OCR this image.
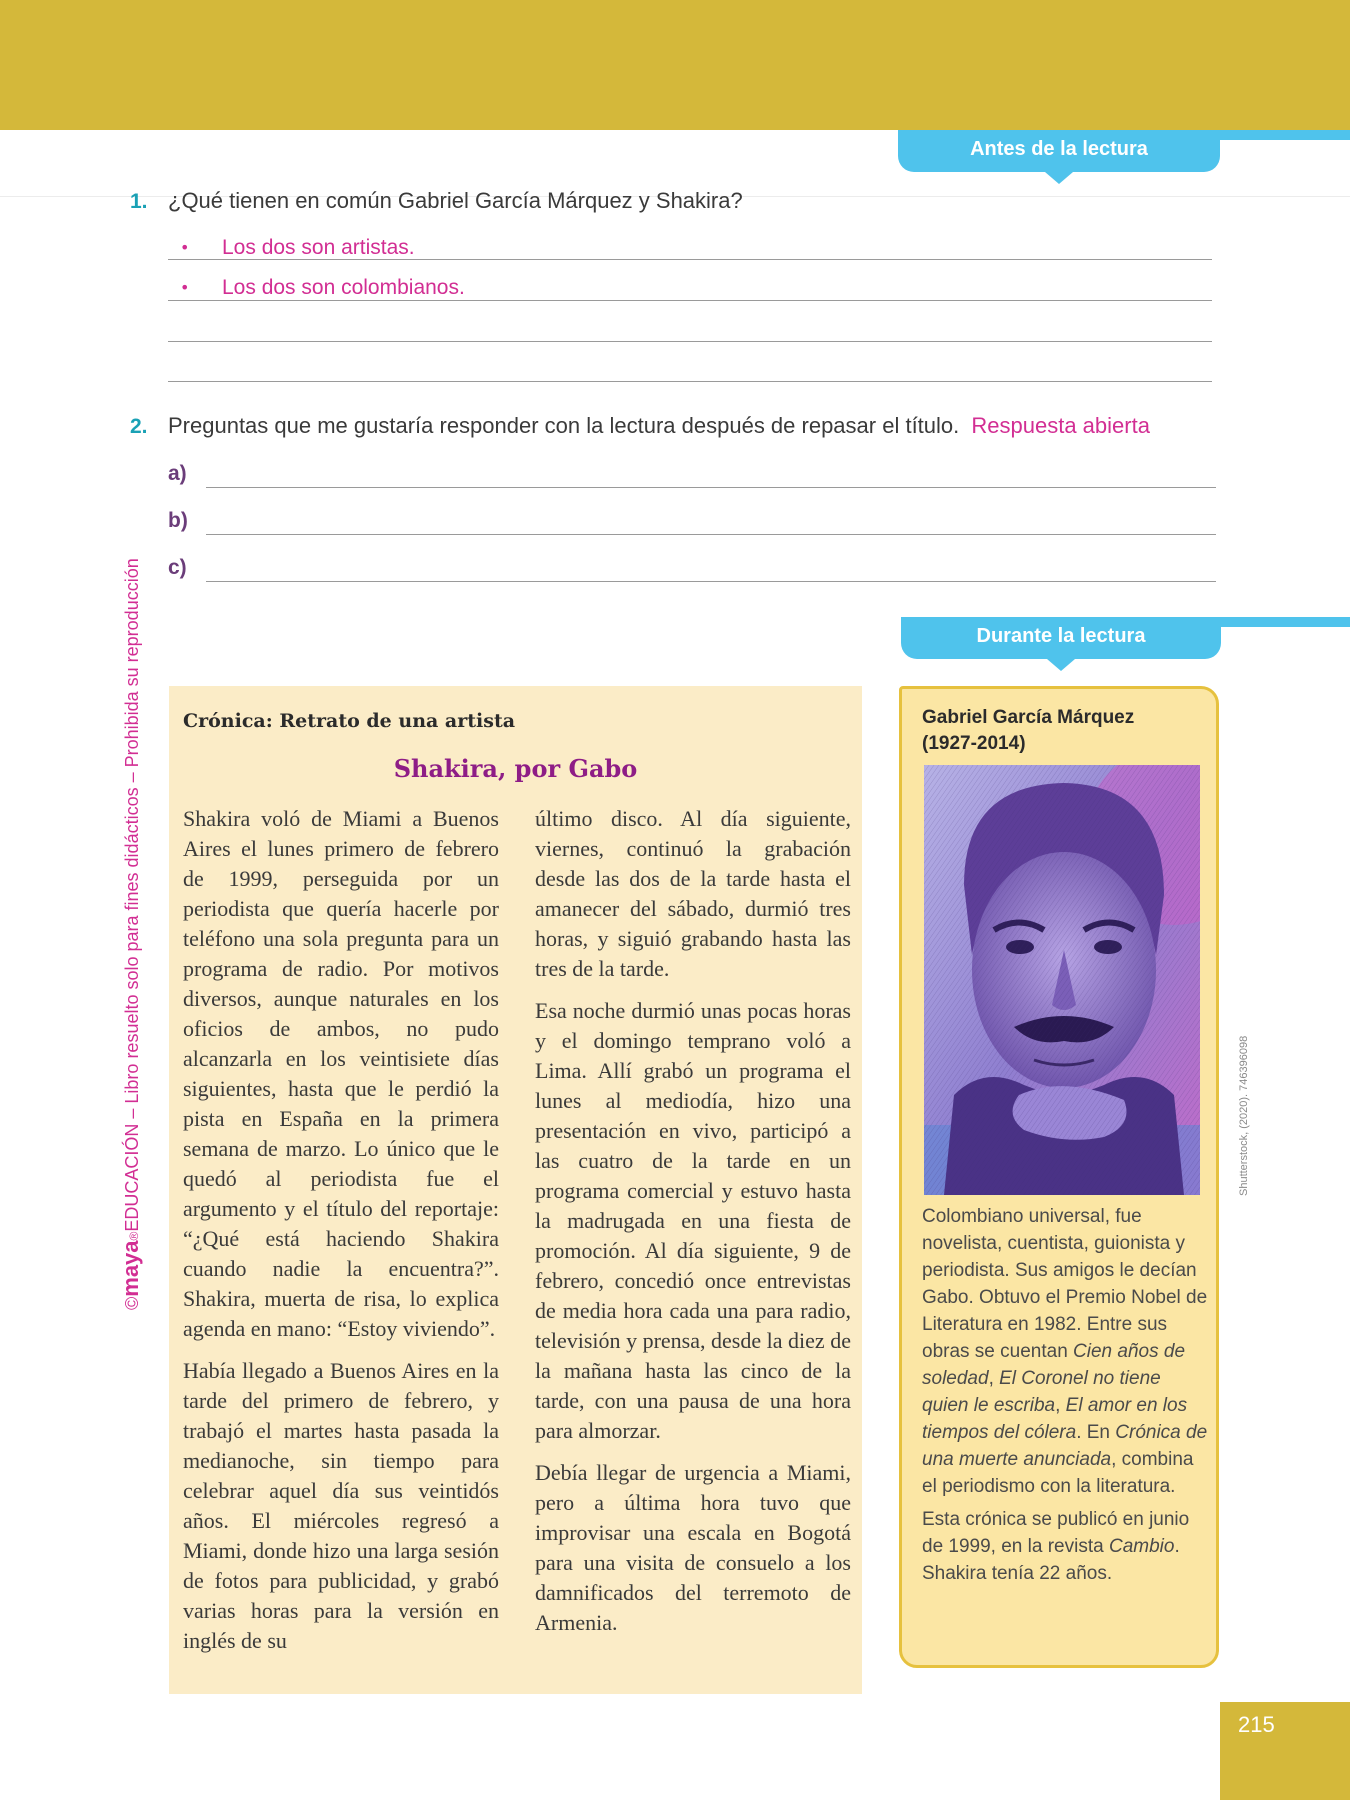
Antes de la lectura
1. ¿Qué tienen en común Gabriel García Márquez y Shakira?
• Los dos son artistas.
• Los dos son colombianos.
2. Preguntas que me gustaría responder con la lectura después de repasar el título. Respuesta abierta
a)
b)
c)
Durante la lectura
©maya®EDUCACIÓN – Libro resuelto solo para fines didácticos – Prohibida su reproducción Crónica: Retrato de una artista
Shakira, por Gabo

Shakira voló de Miami a Buenos Aires el lunes primero de febrero de 1999, perseguida por un periodista que quería hacerle por teléfono una sola pregunta para un programa de radio. Por motivos diversos, aunque naturales en los oficios de ambos, no pudo alcanzarla en los veintisiete días siguientes, hasta que le perdió la pista en España en la primera semana de marzo. Lo único que le quedó al periodista fue el argumento y el título del reportaje: “¿Qué está haciendo Shakira cuando nadie la encuentra?”. Shakira, muerta de risa, lo explica agenda en mano: “Estoy viviendo”.

Había llegado a Buenos Aires en la tarde del primero de febrero, y trabajó el martes hasta pasada la medianoche, sin tiempo para celebrar aquel día sus veintidós años. El miércoles regresó a Miami, donde hizo una larga sesión de fotos para publicidad, y grabó varias horas para la versión en inglés de su

último disco. Al día siguiente, viernes, continuó la grabación desde las dos de la tarde hasta el amanecer del sábado, durmió tres horas, y siguió grabando hasta las tres de la tarde.

Esa noche durmió unas pocas horas y el domingo temprano voló a Lima. Allí grabó un programa el lunes al mediodía, hizo una presentación en vivo, participó a las cuatro de la tarde en un programa comercial y estuvo hasta la madrugada en una fiesta de promoción. Al día siguiente, 9 de febrero, concedió once entrevistas de media hora cada una para radio, televisión y prensa, desde la diez de la mañana hasta las cinco de la tarde, con una pausa de una hora para almorzar.

Debía llegar de urgencia a Miami, pero a última hora tuvo que improvisar una escala en Bogotá para una visita de consuelo a los damnificados del terremoto de Armenia.

Gabriel García Márquez
(1927-2014)

Colombiano universal, fue novelista, cuentista, guionista y periodista. Sus amigos le decían Gabo. Obtuvo el Premio Nobel de Literatura en 1982. Entre sus obras se cuentan Cien años de soledad, El Coronel no tiene quien le escriba, El amor en los tiempos del cólera. En Crónica de una muerte anunciada, combina el periodismo con la literatura.

Esta crónica se publicó en junio de 1999, en la revista Cambio. Shakira tenía 22 años.

Shutterstock, (2020). 746396098
215
